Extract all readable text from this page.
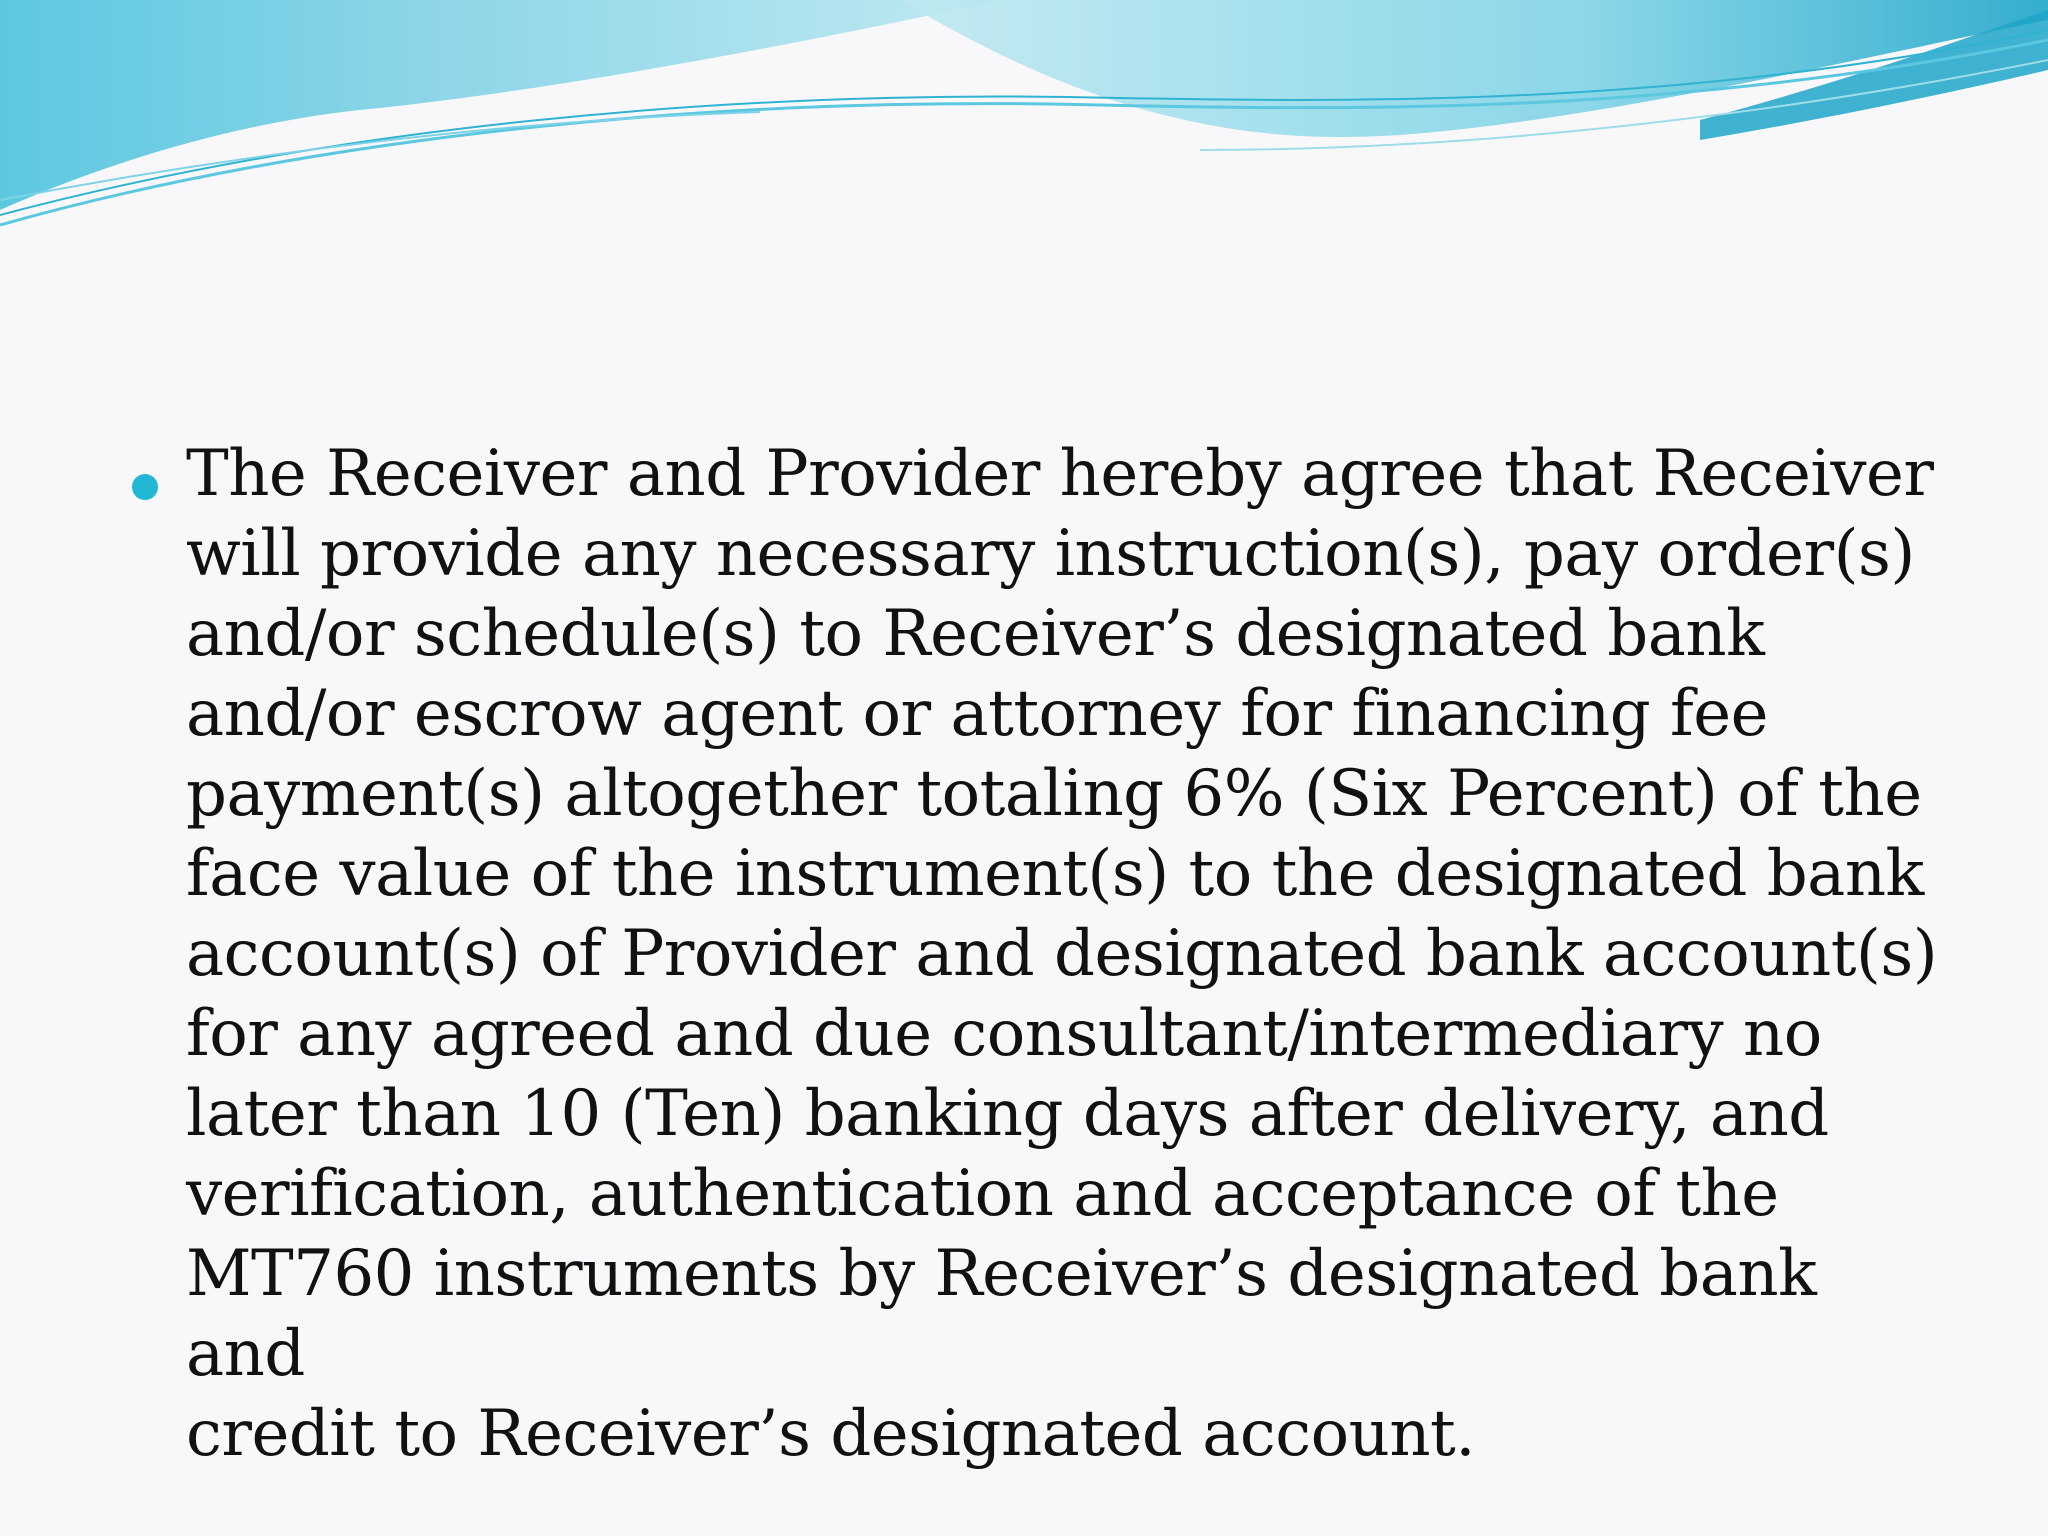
The Receiver and Provider hereby agree that Receiver
will provide any necessary instruction(s), pay order(s)
and/or schedule(s) to Receiver’s designated bank
and/or escrow agent or attorney for financing fee
payment(s) altogether totaling 6% (Six Percent) of the
face value of the instrument(s) to the designated bank
account(s) of Provider and designated bank account(s)
for any agreed and due consultant/intermediary no
later than 10 (Ten) banking days after delivery, and
verification, authentication and acceptance of the
MT760 instruments by Receiver’s designated bank and
credit to Receiver’s designated account.
